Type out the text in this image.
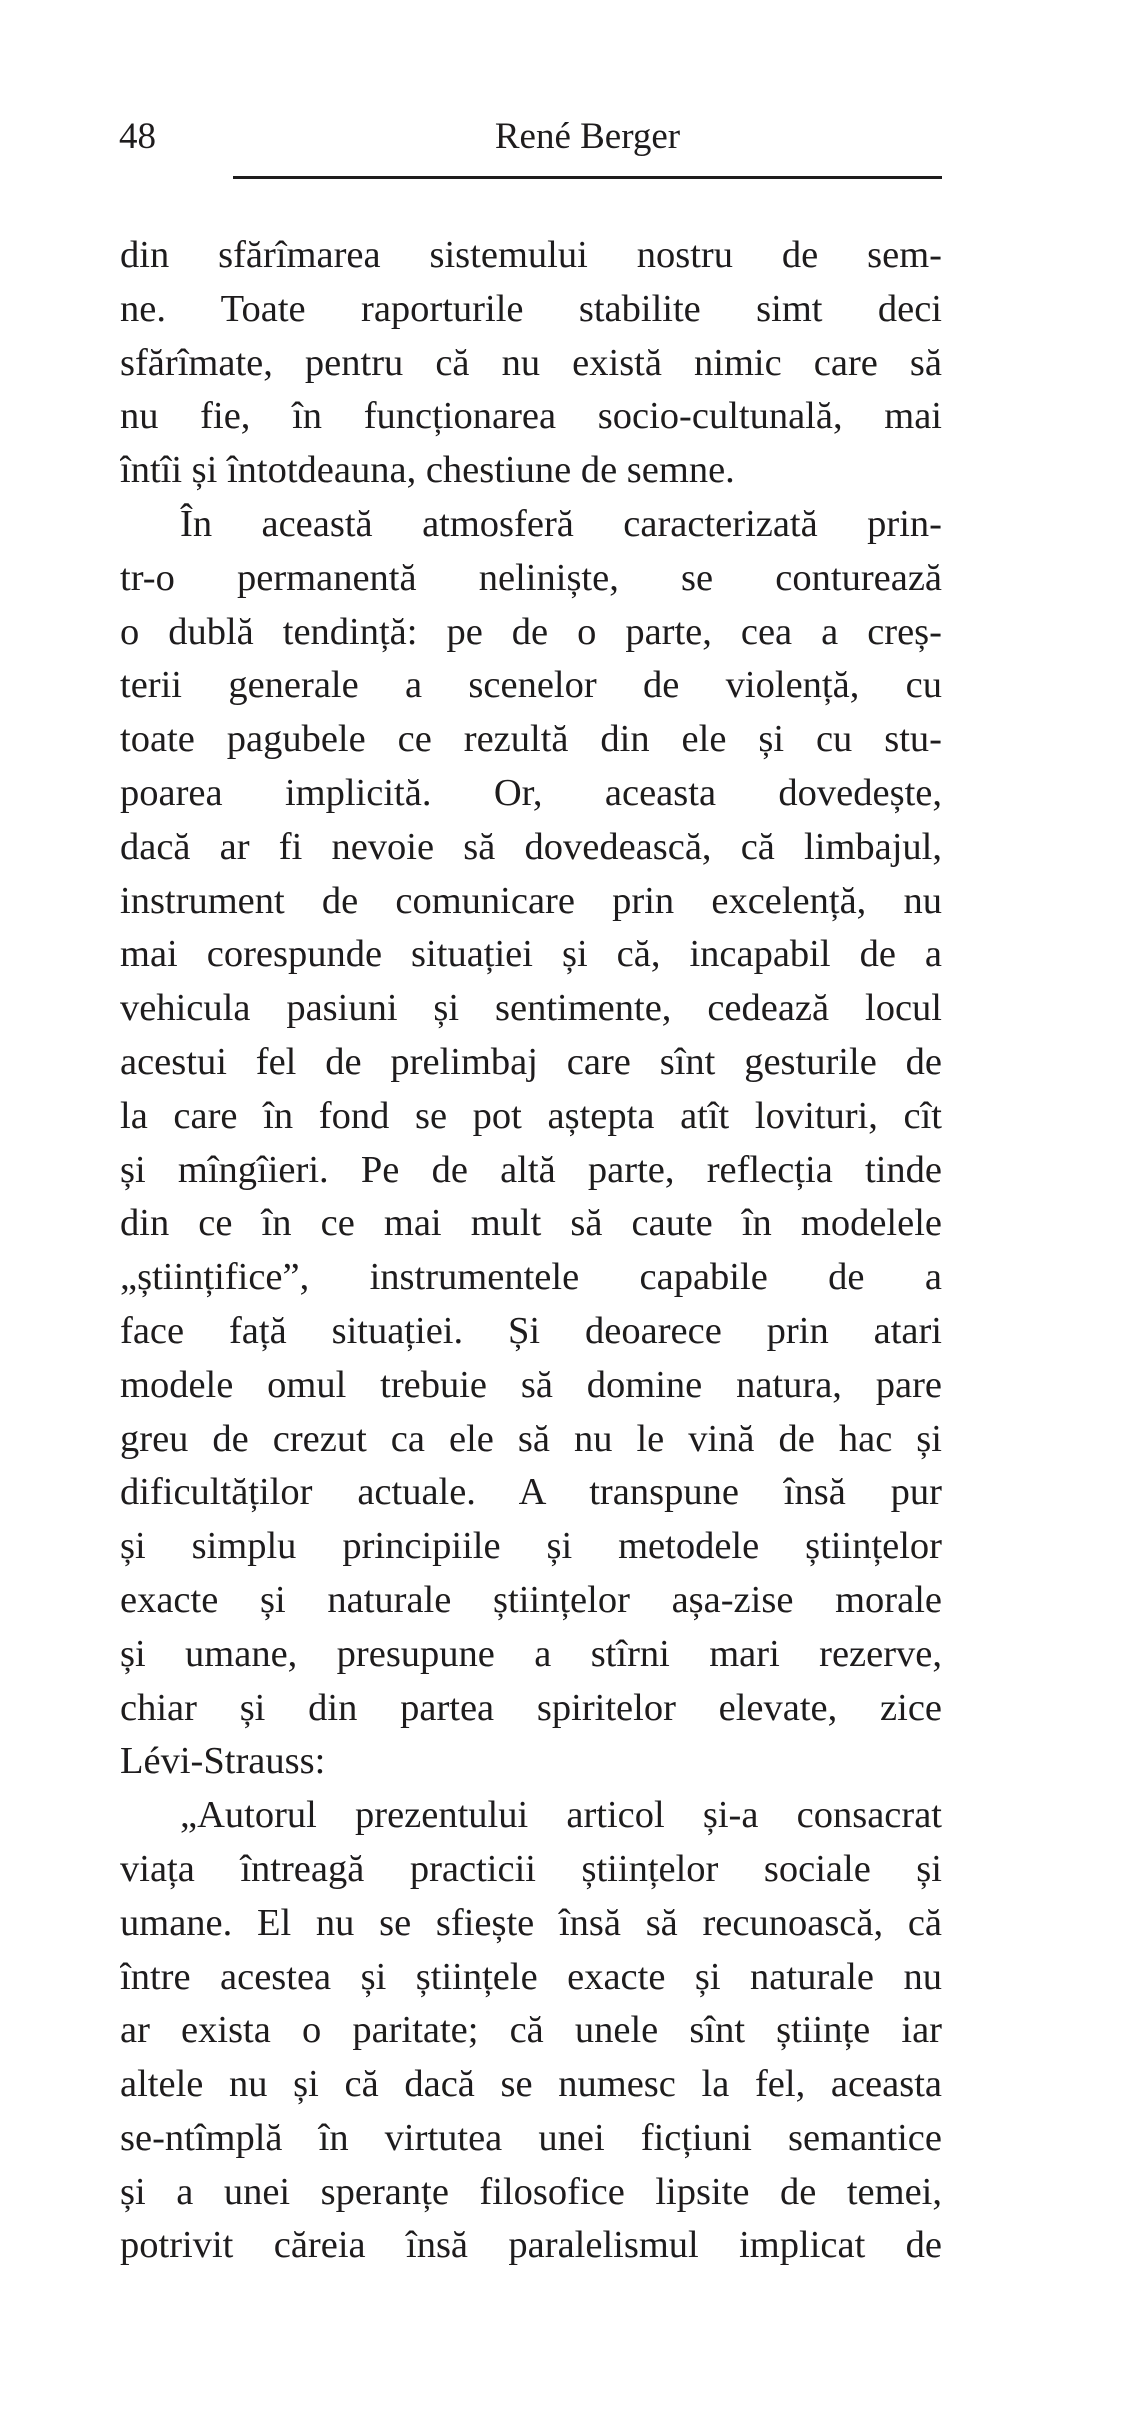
48	René Berger
din sfărîmarea sistemului nostru de sem-
ne. Toate raporturile stabilite simt deci
sfărîmate, pentru că nu există nimic care să
nu fie, în funcționarea socio-cultunală, mai
întîi și întotdeauna, chestiune de semne.
În această atmosferă caracterizată prin-
tr-o permanentă neliniște, se conturează
o dublă tendință: pe de o parte, cea a creș-
terii generale a scenelor de violență, cu
toate pagubele ce rezultă din ele și cu stu-
poarea implicită. Or, aceasta dovedește,
dacă ar fi nevoie să dovedească, că limbajul,
instrument de comunicare prin excelență, nu
mai corespunde situației și că, incapabil de a
vehicula pasiuni și sentimente, cedează locul
acestui fel de prelimbaj care sînt gesturile de
la care în fond se pot aștepta atît lovituri, cît
și mîngîieri. Pe de altă parte, reflecția tinde
din ce în ce mai mult să caute în modelele
„științifice”, instrumentele capabile de a
face față situației. Și deoarece prin atari
modele omul trebuie să domine natura, pare
greu de crezut ca ele să nu le vină de hac și
dificultăților actuale. A transpune însă pur
și simplu principiile și metodele științelor
exacte și naturale științelor așa-zise morale
și umane, presupune a stîrni mari rezerve,
chiar și din partea spiritelor elevate, zice
Lévi-Strauss:
„Autorul prezentului articol și-a consacrat
viața întreagă practicii științelor sociale și
umane. El nu se sfiește însă să recunoască, că
între acestea și științele exacte și naturale nu
ar exista o paritate; că unele sînt științe iar
altele nu și că dacă se numesc la fel, aceasta
se-ntîmplă în virtutea unei ficțiuni semantice
și a unei speranțe filosofice lipsite de temei,
potrivit căreia însă paralelismul implicat de
